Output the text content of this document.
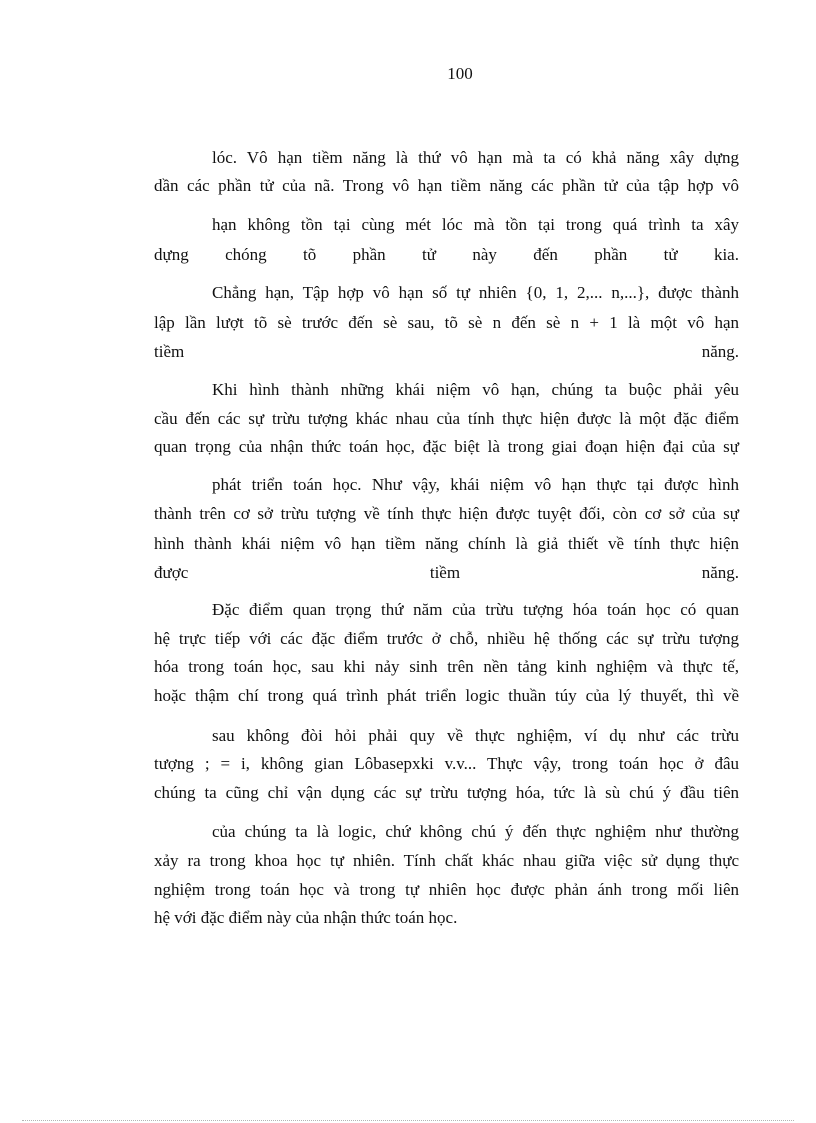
100
lóc. Vô hạn tiềm năng là thứ vô hạn mà ta có khả năng xây dựng
dần các phần tử của nã. Trong vô hạn tiềm năng các phần tử của tập hợp vô
hạn không tồn tại cùng mét lóc mà tồn tại trong quá trình ta xây
dựng chóng tõ phần tử này đến phần tử kia.
Chẳng hạn, Tập hợp vô hạn số tự nhiên {0, 1, 2,... n,...}, được thành
lập lần lượt tõ sè trước đến sè sau, tõ sè n đến sè n + 1 là một vô hạn
tiềm	năng.
Khi hình thành những khái niệm vô hạn, chúng ta buộc phải yêu
cầu đến các sự trừu tượng khác nhau của tính thực hiện được là một đặc điểm
quan trọng của nhận thức toán học, đặc biệt là trong giai đoạn hiện đại của sự
phát triển toán học. Như vậy, khái niệm vô hạn thực tại được hình
thành trên cơ sở trừu tượng về tính thực hiện được tuyệt đối, còn cơ sở của sự
hình thành khái niệm vô hạn tiềm năng chính là giả thiết về tính thực hiện
được	tiềm	năng.
Đặc điểm quan trọng thứ năm của trừu tượng hóa toán học có quan
hệ trực tiếp với các đặc điểm trước ở chỗ, nhiều hệ thống các sự trừu tượng
hóa trong toán học, sau khi nảy sinh trên nền tảng kinh nghiệm và thực tế,
hoặc thậm chí trong quá trình phát triển logic thuần túy của lý thuyết, thì về
sau không đòi hỏi phải quy về thực nghiệm, ví dụ như các trừu
tượng ; = i, không gian Lôbasepxki v.v... Thực vậy, trong toán học ở đâu
chúng ta cũng chỉ vận dụng các sự trừu tượng hóa, tức là sù chú ý đầu tiên
của chúng ta là logic, chứ không chú ý đến thực nghiệm như thường
xảy ra trong khoa học tự nhiên. Tính chất khác nhau giữa việc sử dụng thực
nghiệm trong toán học và trong tự nhiên học được phản ánh trong mối liên
hệ với đặc điểm này của nhận thức toán học.
